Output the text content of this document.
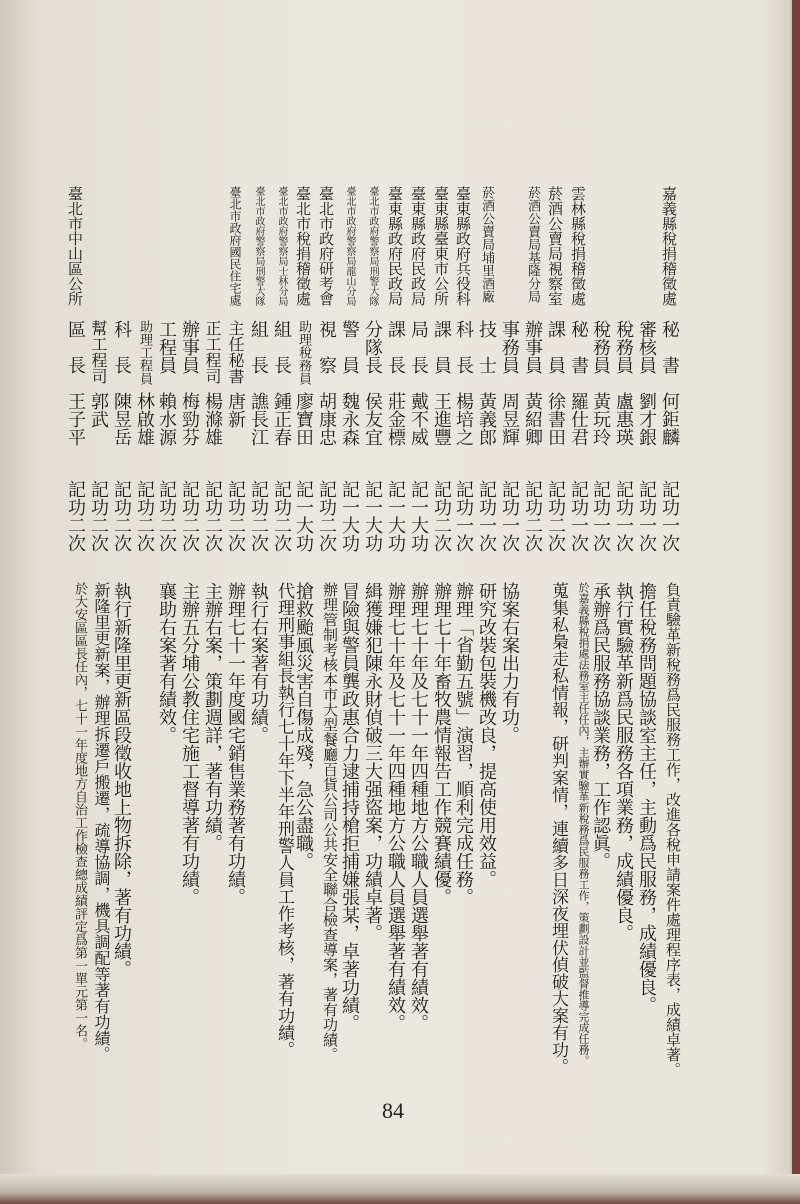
嘉義縣稅捐稽徵處
秘　書
何鉅麟
記功一次
負責驗革新稅務爲民服務工作，改進各稅申請案件處理程序表，成績卓著。
審核員
劉才銀
記功一次
擔任稅務問題協談室主任，主動爲民服務，成績優良。
稅務員
盧惠瑛
記功一次
執行實驗革新爲民服務各項業務，成績優良。
稅務員
黃玩玲
記功一次
承辦爲民服務協談業務，工作認眞。
雲林縣稅捐稽徵處
秘　書
羅仕君
記功一次
於嘉義縣稅捐處法務室主任任內，主辦實驗革新稅務爲民服務工作，策劃設計並監督推導完成任務。
菸酒公賣局視察室
課　員
徐書田
記功二次
蒐集私梟走私情報，研判案情，連續多日深夜埋伏偵破大案有功。
菸酒公賣局基隆分局
辦事員
黃紹卿
記功二次
事務員
周昱輝
記功一次
協案右案出力有功。
菸酒公賣局埔里酒廠
技　士
黃義郎
記功一次
研究改裝包裝機改良，提高使用效益。
臺東縣政府兵役科
科　長
楊培之
記功一次
辦理「省勤五號」演習，順利完成任務。
臺東縣臺東市公所
課　員
王進豐
記功二次
辦理七十年畜牧農情報告工作競賽績優。
臺東縣政府民政局
局　長
戴不威
記一大功
辦理七十年及七十一年四種地方公職人員選舉著有績效。
臺東縣政府民政局
課　長
莊金標
記一大功
辦理七十年及七十一年四種地方公職人員選舉著有績效。
臺北市政府警察局刑警大隊
分隊長
侯友宜
記一大功
緝獲嫌犯陳永財偵破三大强盜案，功績卓著。
臺北市政府警察局龍山分局
警　員
魏永森
記一大功
冒險與警員龔政惠合力逮捕持槍拒捕嫌張某，卓著功績。
臺北市政府研考會
視　察
胡康忠
記功二次
辦理管制考核本市大型餐廳百貨公司公共安全聯合檢查導案，著有功績。
臺北市稅捐稽徵處
助理稅務員
廖寶田
記一大功
搶救颱風災害自傷成殘，急公盡職。
臺北市政府警察局士林分局
組　長
鍾正春
記功二次
代理刑事組長執行七十年下半年刑警人員工作考核，著有功績。
臺北市政府警察局刑警大隊
組　長
譙長江
記功二次
執行右案著有功績。
臺北市政府國民住宅處
主任秘書
唐新
記功二次
辦理七十一年度國宅銷售業務著有功績。
正工程司
楊滌雄
記功二次
主辦右案，策劃週詳，著有功績。
辦事員
梅勁芬
記功二次
主辦五分埔公教住宅施工督導著有功績。
工程員
賴水源
記功二次
襄助右案著有績效。
助理工程員
林啟雄
記功二次
科　長
陳昱岳
記功二次
執行新隆里更新區段徵收地上物拆除，著有功績。
幫工程司
郭武
記功二次
新隆里更新案，辦理拆遷戶搬遷，疏導協調，機具調配等著有功績。
臺北市中山區公所
區　長
王子平
記功二次
於大安區區長任內，七十一年度地方自治工作檢查總成績評定爲第一單元第一名。
84
